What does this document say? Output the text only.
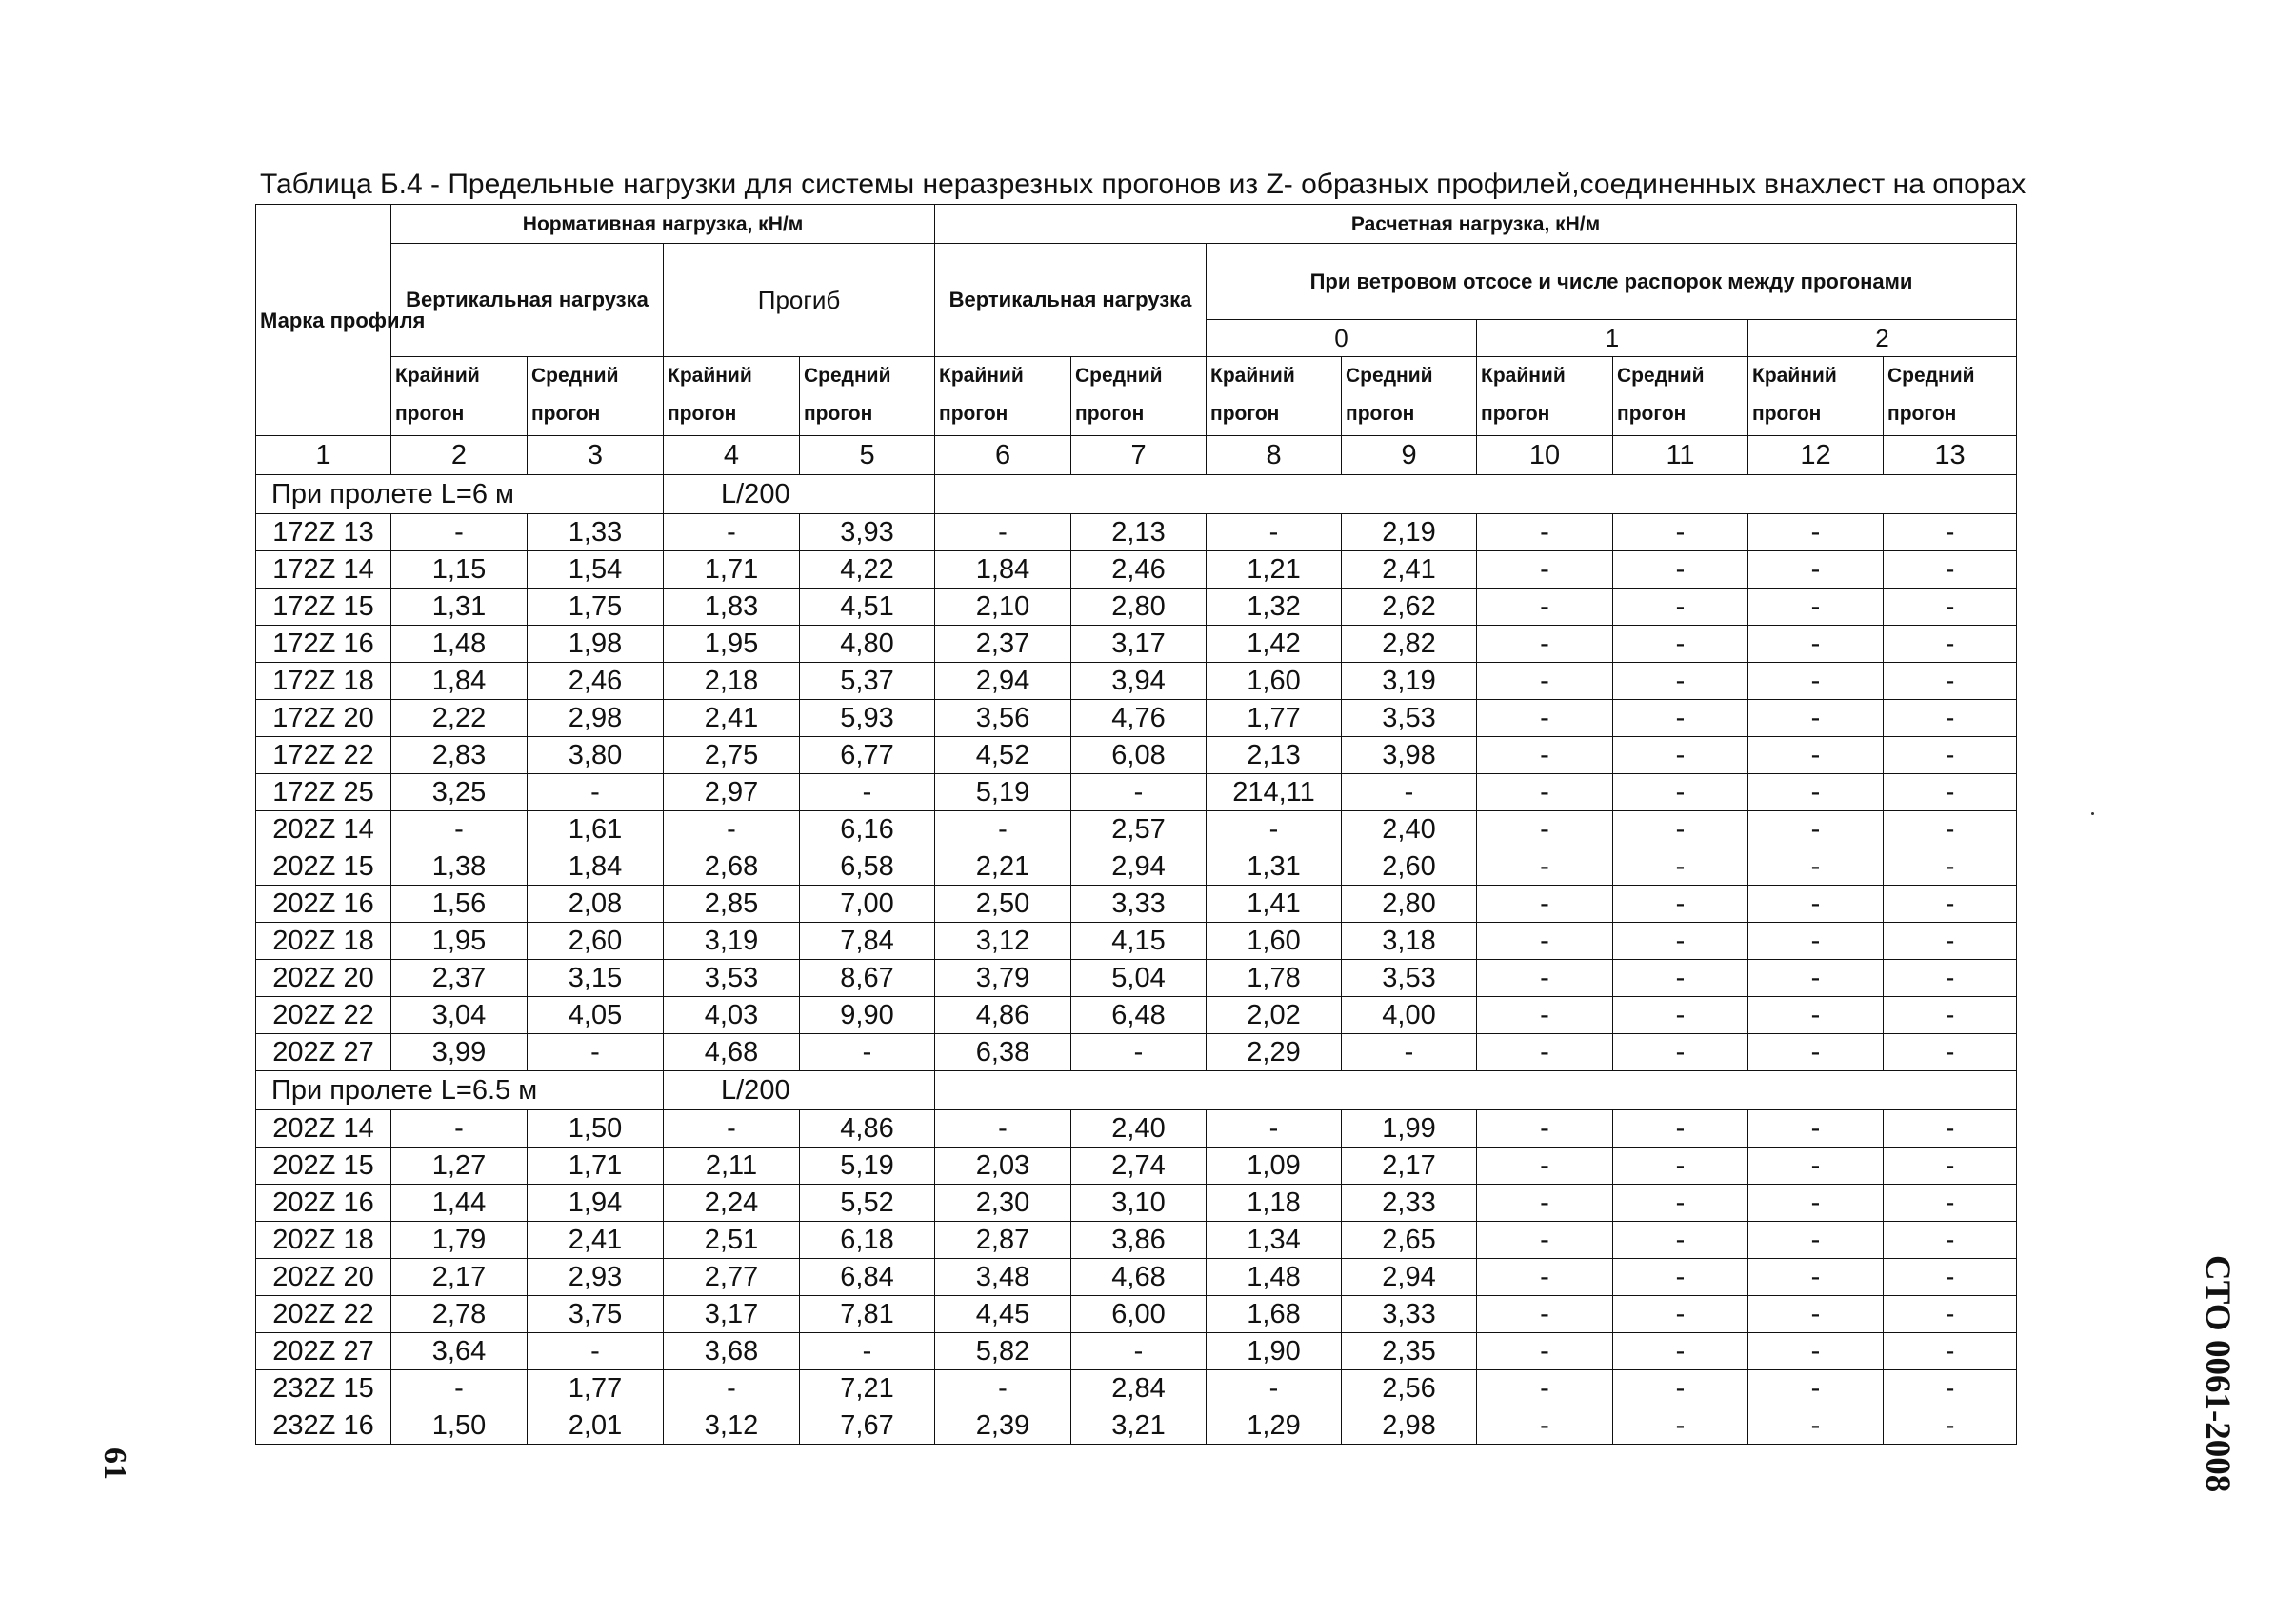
Таблица Б.4 - Предельные нагрузки для системы неразрезных прогонов из Z- образных профилей,соединенных внахлест на опорах
Марка профиля	Нормативная нагрузка, кН/м				Расчетная нагрузка, кН/м							
	Вертикальная нагрузка		Прогиб		Вертикальная нагрузка		При ветровом отсосе и числе распорок между прогонами					
							0		1		2	
	Крайний прогон	Средний прогон	Крайний прогон	Средний прогон	Крайний прогон	Средний прогон	Крайний прогон	Средний прогон	Крайний прогон	Средний прогон	Крайний прогон	Средний прогон
1	2	3	4	5	6	7	8	9	10	11	12	13
При пролете L=6 м			L/200									
172Z 13	-	1,33	-	3,93	-	2,13	-	2,19	-	-	-	-
172Z 14	1,15	1,54	1,71	4,22	1,84	2,46	1,21	2,41	-	-	-	-
172Z 15	1,31	1,75	1,83	4,51	2,10	2,80	1,32	2,62	-	-	-	-
172Z 16	1,48	1,98	1,95	4,80	2,37	3,17	1,42	2,82	-	-	-	-
172Z 18	1,84	2,46	2,18	5,37	2,94	3,94	1,60	3,19	-	-	-	-
172Z 20	2,22	2,98	2,41	5,93	3,56	4,76	1,77	3,53	-	-	-	-
172Z 22	2,83	3,80	2,75	6,77	4,52	6,08	2,13	3,98	-	-	-	-
172Z 25	3,25	-	2,97	-	5,19	-	214,11	-	-	-	-	-
202Z 14	-	1,61	-	6,16	-	2,57	-	2,40	-	-	-	-
202Z 15	1,38	1,84	2,68	6,58	2,21	2,94	1,31	2,60	-	-	-	-
202Z 16	1,56	2,08	2,85	7,00	2,50	3,33	1,41	2,80	-	-	-	-
202Z 18	1,95	2,60	3,19	7,84	3,12	4,15	1,60	3,18	-	-	-	-
202Z 20	2,37	3,15	3,53	8,67	3,79	5,04	1,78	3,53	-	-	-	-
202Z 22	3,04	4,05	4,03	9,90	4,86	6,48	2,02	4,00	-	-	-	-
202Z 27	3,99	-	4,68	-	6,38	-	2,29	-	-	-	-	-
При пролете L=6.5 м			L/200									
202Z 14	-	1,50	-	4,86	-	2,40	-	1,99	-	-	-	-
202Z 15	1,27	1,71	2,11	5,19	2,03	2,74	1,09	2,17	-	-	-	-
202Z 16	1,44	1,94	2,24	5,52	2,30	3,10	1,18	2,33	-	-	-	-
202Z 18	1,79	2,41	2,51	6,18	2,87	3,86	1,34	2,65	-	-	-	-
202Z 20	2,17	2,93	2,77	6,84	3,48	4,68	1,48	2,94	-	-	-	-
202Z 22	2,78	3,75	3,17	7,81	4,45	6,00	1,68	3,33	-	-	-	-
202Z 27	3,64	-	3,68	-	5,82	-	1,90	2,35	-	-	-	-
232Z 15	-	1,77	-	7,21	-	2,84	-	2,56	-	-	-	-
232Z 16	1,50	2,01	3,12	7,67	2,39	3,21	1,29	2,98	-	-	-	-	СТО 0061-2008
61
